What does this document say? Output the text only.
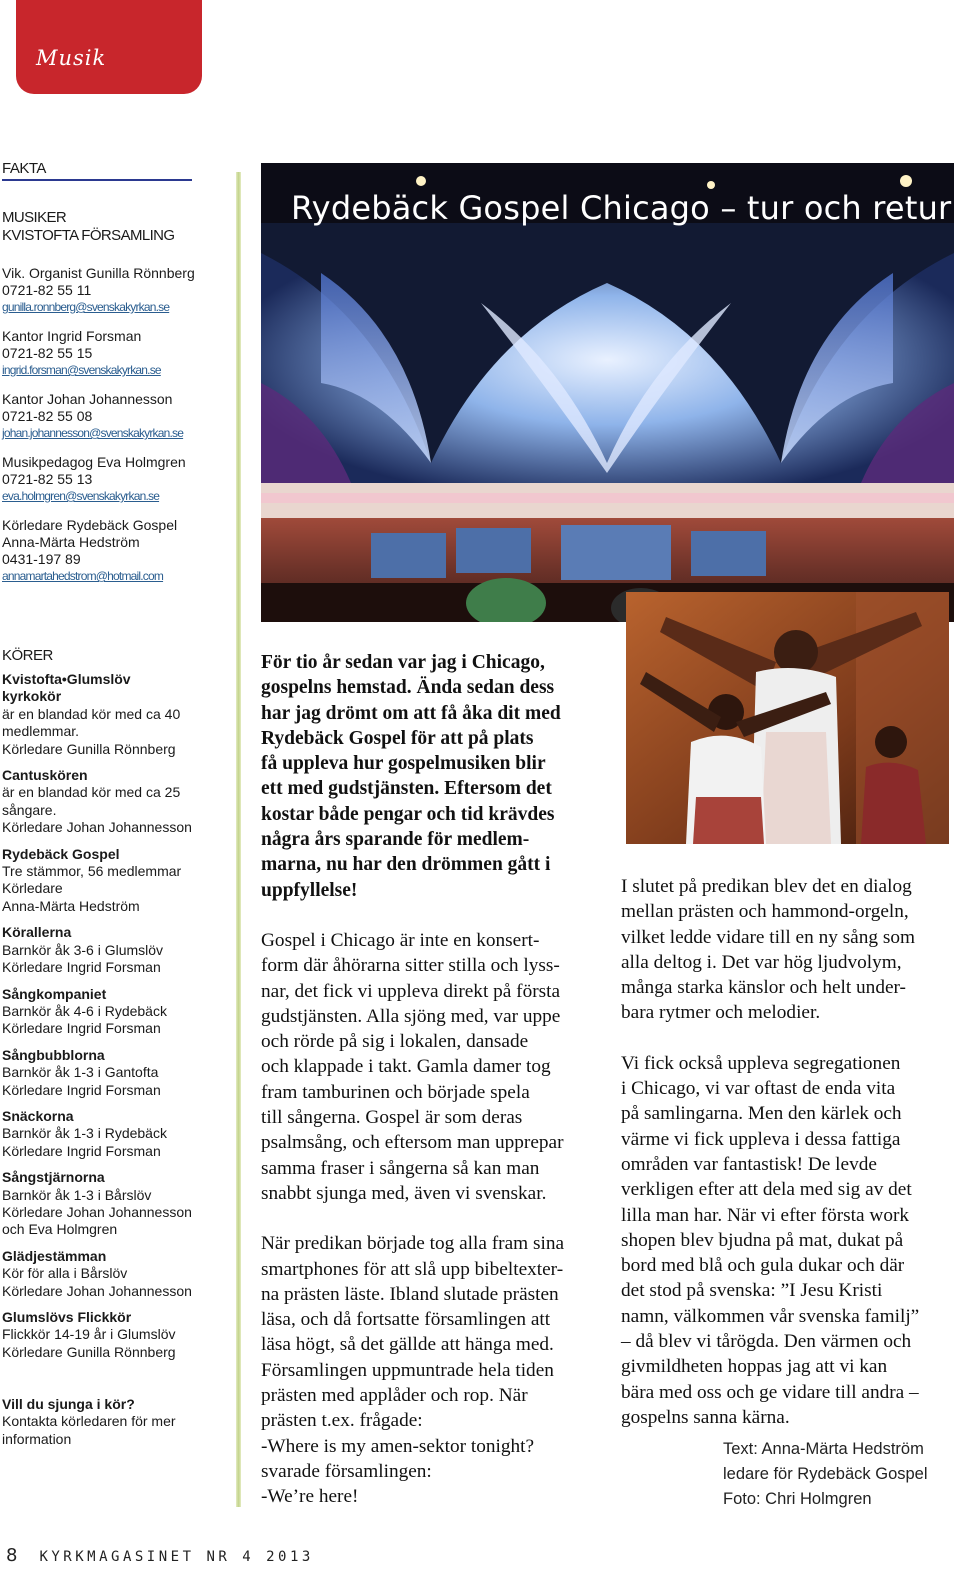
Musik
FAKTA
MUSIKER
KVISTOFTA FÖRSAMLING
Vik. Organist Gunilla Rönnberg
0721-82 55 11
gunilla.ronnberg@svenskakyrkan.se
Kantor Ingrid Forsman
0721-82 55 15
ingrid.forsman@svenskakyrkan.se
Kantor Johan Johannesson
0721-82 55 08
johan.johannesson@svenskakyrkan.se
Musikpedagog Eva Holmgren
0721-82 55 13
eva.holmgren@svenskakyrkan.se
Körledare Rydebäck Gospel
Anna-Märta Hedström
0431-197 89
annamartahedstrom@hotmail.com
KÖRER
Kvistofta•Glumslöv
kyrkokör
är en blandad kör med ca 40
medlemmar.
Körledare Gunilla Rönnberg
Cantuskören
är en blandad kör med ca 25
sångare.
Körledare Johan Johannesson
Rydebäck Gospel
Tre stämmor, 56 medlemmar
Körledare
Anna-Märta Hedström
Körallerna
Barnkör åk 3-6 i Glumslöv
Körledare Ingrid Forsman
Sångkompaniet
Barnkör åk 4-6 i Rydebäck
Körledare Ingrid Forsman
Sångbubblorna
Barnkör åk 1-3 i Gantofta
Körledare Ingrid Forsman
Snäckorna
Barnkör åk 1-3 i Rydebäck
Körledare Ingrid Forsman
Sångstjärnorna
Barnkör åk 1-3 i Bårslöv
Körledare Johan Johannesson
och Eva Holmgren
Glädjestämman
Kör för alla i Bårslöv
Körledare Johan Johannesson
Glumslövs Flickkör
Flickkör 14-19 år i Glumslöv
Körledare Gunilla Rönnberg
Vill du sjunga i kör?
Kontakta körledaren för mer
information
Rydebäck Gospel Chicago – tur och retur
För tio år sedan var jag i Chicago,
gospelns hemstad. Ända sedan dess
har jag drömt om att få åka dit med
Rydebäck Gospel för att på plats
få uppleva hur gospelmusiken blir
ett med gudstjänsten. Eftersom det
kostar både pengar och tid krävdes
några års sparande för medlem-
marna, nu har den drömmen gått i
uppfyllelse!

Gospel i Chicago är inte en konsert-
form där åhörarna sitter stilla och lyss-
nar, det fick vi uppleva direkt på första
gudstjänsten. Alla sjöng med, var uppe
och rörde på sig i lokalen, dansade
och klappade i takt. Gamla damer tog
fram tamburinen och började spela
till sångerna. Gospel är som deras
psalmsång, och eftersom man upprepar
samma fraser i sångerna så kan man
snabbt sjunga med, även vi svenskar.

När predikan började tog alla fram sina
smartphones för att slå upp bibeltexter-
na prästen läste. Ibland slutade prästen
läsa, och då fortsatte församlingen att
läsa högt, så det gällde att hänga med.
Församlingen uppmuntrade hela tiden
prästen med applåder och rop. När
prästen t.ex. frågade:
-Where is my amen-sektor tonight?
svarade församlingen:
-We’re here!

I slutet på predikan blev det en dialog
mellan prästen och hammond-orgeln,
vilket ledde vidare till en ny sång som
alla deltog i. Det var hög ljudvolym,
många starka känslor och helt under-
bara rytmer och melodier.

Vi fick också uppleva segregationen
i Chicago, vi var oftast de enda vita
på samlingarna. Men den kärlek och
värme vi fick uppleva i dessa fattiga
områden var fantastisk! De levde
verkligen efter att dela med sig av det
lilla man har. När vi efter första work
shopen blev bjudna på mat, dukat på
bord med blå och gula dukar och där
det stod på svenska: ”I Jesu Kristi
namn, välkommen vår svenska familj”
– då blev vi tårögda. Den värmen och
givmildheten hoppas jag att vi kan
bära med oss och ge vidare till andra –
gospelns sanna kärna.

Text: Anna-Märta Hedström
ledare för Rydebäck Gospel
Foto: Chri Holmgren
8 KYRKMAGASINET NR 4 2013
